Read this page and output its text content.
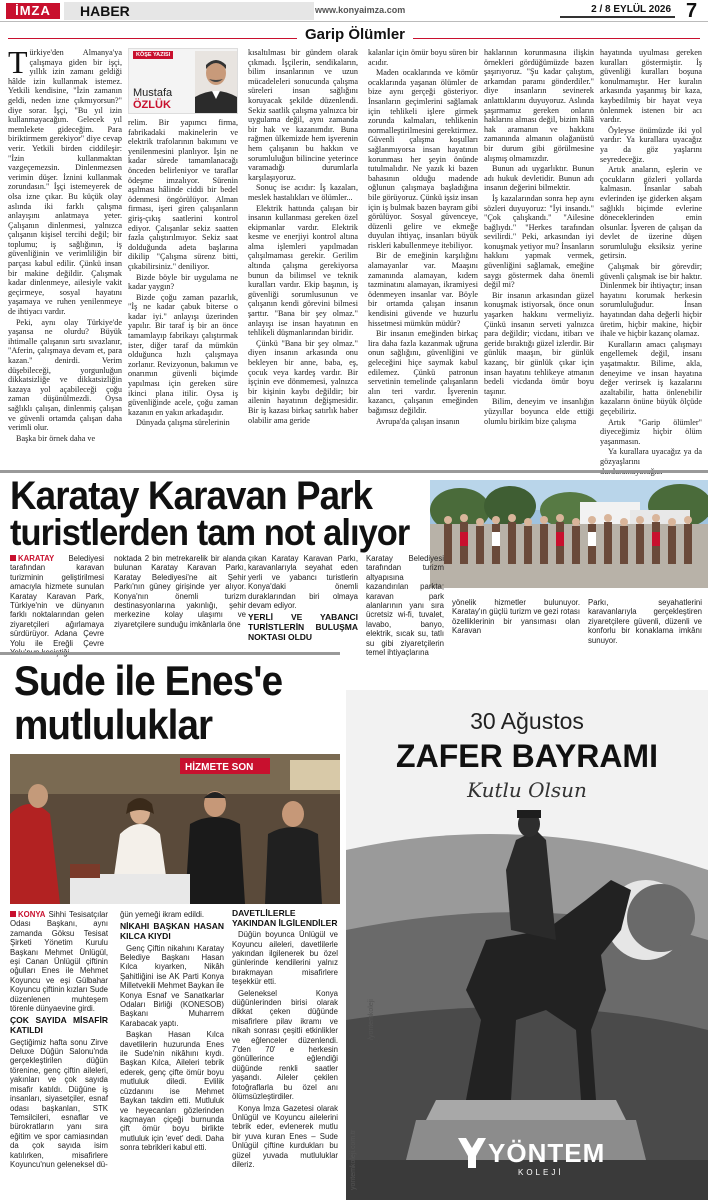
İMZA	HABER	www.konyaimza.com	2 / 8 EYLÜL 2026 7
Garip Ölümler

Türkiye'den Almanya'ya çalışmaya giden bir işçi, yıllık izin zamanı geldiği hâlde izin kullanmak istemez. Yetkili kendisine, "İzin zamanın geldi, neden izne çıkmıyorsun?" diye sorar. İşçi, "Bu yıl izin kullanmayacağım. Gelecek yıl memlekete gideceğim. Para biriktirmem gerekiyor" diye cevap verir. Yetkili birden ciddileşir: "İzin kullanmaktan vazgeçemezsin. Dinlenmezsen verimin düşer. İznini kullanmak zorundasın." İşçi istemeyerek de olsa izne çıkar. Bu küçük olay aslında iki farklı çalışma anlayışını anlatmaya yeter. Çalışanın dinlenmesi, yalnızca çalışanın kişisel tercihi değil; bir toplumu; iş sağlığının, iş güvenliğinin ve verimliliğin bir parçası kabul edilir. Çünkü insan bir makine değildir. Çalışmak kadar dinlenmeye, ailesiyle vakit geçirmeye, sosyal hayatını yaşamaya ve ruhen yenilenmeye de ihtiyacı vardır.

Peki, aynı olay Türkiye'de yaşansa ne olurdu? Büyük ihtimalle çalışanın sırtı sıvazlanır, "Aferin, çalışmaya devam et, para kazan." denirdi. Verim düşebileceği, yorgunluğun dikkatsizliğe ve dikkatsizliğin kazaya yol açabileceği çoğu zaman düşünülmezdi. Oysa sağlıklı çalışan, dinlenmiş çalışan ve güvenli ortamda çalışan daha verimli olur.

Başka bir örnek daha ve

KÖŞE YAZISI
Mustafa
ÖZLÜK

relim. Bir yapımcı firma, fabrikadaki makinelerin ve elektrik trafolarının bakımını ve yenilenmesini planlıyor. İşin ne kadar sürede tamamlanacağı önceden belirleniyor ve taraflar ödeşme imzalıyor. Sürenin aşılması hâlinde ciddi bir bedel ödenmesi öngörülüyor. Alman firması, işeri giren çalışanların giriş-çıkış saatlerini kontrol ediyor. Çalışanlar sekiz saatten fazla çalıştırılmıyor. Sekiz saat dolduğunda adeta başlarına dikilip "Çalışma sürenz bitti, çıkabilirsiniz." deniliyor.

Bizde böyle bir uygulama ne kadar yaygın?

Bizde çoğu zaman pazarlık, "İş ne kadar çabuk biterse o kadar iyi." anlayışı üzerinden yapılır. Bir taraf iş bir an önce tamamlayıp fabrikayı çalıştırmak ister, diğer taraf da mümkün olduğunca hızlı çalışmaya zorlanır. Revizyonun, bakımın ve onarımın güvenli biçimde yapılması için gereken süre ikinci plana itilir. Oysa iş güvenliğinde acele, çoğu zaman kazanın en yakın arkadaşıdır.

Dünyada çalışma sürelerinin

kısaltılması bir gündem olarak çıkmadı. İşçilerin, sendikaların, bilim insanlarının ve uzun mücadeleleri sonucunda çalışma süreleri insan sağlığını koruyacak şekilde düzenlendi. Sekiz saatlik çalışma yalnızca bir uygulama değil, aynı zamanda bir hak ve kazanımdır. Buna rağmen ülkemizde hem işverenin hem çalışanın bu hakkın ve sorumluluğun bilincine yeterince varamadığı durumlarla karşılaşıyoruz.

Sonuç ise acıdır: İş kazaları, meslek hastalıkları ve ölümler...

Elektrik hattında çalışan bir insanın kullanması gereken özel ekipmanlar vardır. Elektrik kesme ve enerjiyi kontrol altına alma işlemleri yapılmadan çalışılmaması gerekir. Gerilim altında çalışma gerekiyorsa bunun da bilimsel ve teknik kuralları vardır. Ekip başının, iş güvenliği sorumlusunun ve çalışanın kendi görevini bilmesi şarttır. "Bana bir şey olmaz." anlayışı ise insan hayatının en tehlikeli düşmanlarından biridir.

Çünkü "Bana bir şey olmaz." diyen insanın arkasında onu bekleyen bir anne, baba, eş, çocuk veya kardeş vardır. Bir işçinin eve dönmemesi, yalnızca bir kişinin kaybı değildir; bir ailenin hayatının değişmesidir. Bir iş kazası birkaç satırlık haber olabilir ama geride

kalanlar için ömür boyu süren bir acıdır.

Maden ocaklarında ve kömür ocaklarında yaşanan ölümler de bize aynı gerçeği gösteriyor. İnsanların geçimlerini sağlamak için tehlikeli işlere girmek zorunda kalmaları, tehlikenin normalleştirilmesini gerektirmez. Güvenli çalışma koşulları sağlanmıyorsa insan hayatının korunması her şeyin önünde tutulmalıdır. Ne yazık ki bazen bahasının olduğu madende oğlunun çalışmaya başladığına bile görüyoruz. Çünkü işsiz insan için iş bulmak bazen bayram gibi görülüyor. Sosyal güvenceye, düzenli gelire ve ekmeğe duyulan ihtiyaç, insanları büyük riskleri kabullenmeye itebiliyor.

Bir de emeğinin karşılığını alamayanlar var. Maaşını zamanında alamayan, kıdem tazminatını alamayan, ikramiyesi ödenmeyen insanlar var. Böyle bir ortamda çalışan insanın kendisini güvende ve huzurlu hissetmesi mümkün müdür?

Bir insanın emeğinden birkaç lira daha fazla kazanmak uğruna onun sağlığını, güvenliğini ve geleceğini hiçe saymak kabul edilemez. Çünkü patronun servetinin temelinde çalışanların alın teri vardır. İşverenin kazancı, çalışanın emeğinden bağımsız değildir.

Avrupa'da çalışan insanın

haklarının korunmasına ilişkin örnekleri gördüğümüzde bazen şaşırıyoruz. "Şu kadar çalıştım, arkamdan paramı gönderdiler." diye insanların sevinerek anlattıklarını duyuyoruz. Aslında şaşırmamız gereken onların haklarını alması değil, bizim hâlâ hak aramanın ve hakkını zamanında almanın olağanüstü bir durum gibi görülmesine alışmış olmamızdır.

Bunun adı uygarlıktır. Bunun adı hukuk devletidir. Bunun adı insanın değerini bilmektir.

İş kazalarından sonra hep aynı sözleri duyuyoruz: "İyi insandı." "Çok çalışkandı." "Ailesine bağlıydı." "Herkes tarafından sevilirdi." Peki, arkasından iyi konuşmak yetiyor mu? İnsanların hakkını yapmak vermek, güvenliğini sağlamak, emeğine saygı göstermek daha önemli değil mi?

Bir insanın arkasından güzel konuşmak istiyorsak, önce onun yaşarken hakkını vermeliyiz. Çünkü insanın serveti yalnızca para değildir; vicdanı, itibarı ve geride bıraktığı güzel izlerdir. Bir günlük maaşın, bir günlük kazanç, bir günlük çıkar için insan hayatını tehlikeye atmanın bedeli vicdanda ömür boyu taşınır.

Bilim, deneyim ve insanlığın yüzyıllar boyunca elde ettiği olumlu birikim bize çalışma

hayatında uyulması gereken kuralları göstermiştir. İş güvenliği kuralları boşuna konulmamıştır. Her kuralın arkasında yaşanmış bir kaza, kaybedilmiş bir hayat veya önlenmek istenen bir acı vardır.

Öyleyse önümüzde iki yol vardır: Ya kurallara uyacağız ya da göz yaşlarını seyredeceğiz.

Artık anaların, eşlerin ve çocukların gözleri yollarda kalmasın. İnsanlar sabah evlerinden işe giderken akşam sağlıklı biçimde evlerine döneceklerinden emin olsunlar. İşveren de çalışan da devlet de üzerine düşen sorumluluğu eksiksiz yerine getirsin.

Çalışmak bir görevdir; güvenli çalışmak ise bir haktır. Dinlenmek bir ihtiyaçtır; insan hayatını korumak herkesin sorumluluğudur. İnsan hayatından daha değerli hiçbir üretim, hiçbir makine, hiçbir ihale ve hiçbir kazanç olamaz.

Kuralların amacı çalışmayı engellemek değil, insanı yaşatmaktır. Bilime, akla, deneyime ve insan hayatına değer verirsek iş kazalarını azaltabilir, hatta önlenebilir kazaların önüne büyük ölçüde geçebiliriz.

Artık "Garip ölümler" diyeceğimiz hiçbir ölüm yaşanmasın.

Ya kurallara uyacağız ya da gözyaşlarını

Karatay Karavan Park
turistlerden tam not alıyor
KARATAY Belediyesi tarafından karavan turizminin geliştirilmesi amacıyla hizmete sunulan Karatay Karavan Park, Türkiye'nin ve dünyanın farklı noktalarından gelen ziyaretçileri ağırlamaya sürdürüyor. Adana Çevre Yolu ile Ereğli Çevre
noktada 2 bin metrekarelik bir alanda bulunan Karatay Karavan Parkı, Karatay Belediyesi'ne ait Şehir Parkı'nın güney girişinde yer alıyor. Konya'nın önemli turizm destinasyonlarına yakınlığı, şehir merkezine kolay ulaşımı ve ziyaretçilere sunduğu imkânlarla öne
çıkan Karatay Karavan Parkı, karavanlarıyla seyahat eden yerli ve yabancı turistlerin Konya'daki önemli duraklarından biri olmaya devam ediyor.
YERLİ VE YABANCI TURİSTLERİN BULUŞMA NOKTASI OLDU
Karatay Belediyesi tarafından turizm altyapısına kazandırılan parkta; karavan park alanlarının yanı sıra ücretsiz wi-fi, tuvalet, lavabo, banyo, elektrik, sıcak su, tatlı su gibi ziyaretçilerin temel ihtiyaçlarına
yönelik hizmetler bulunuyor. Karatay'ın güçlü turizm ve gezi rotası özelliklerinin bir yansıması olan Karavan
Parkı, seyahatlerini karavanlarıyla gerçekleştiren ziyaretçilere güvenli, düzenli ve konforlu bir konaklama imkânı sunuyor.
Sude ile Enes'e
mutluluklar
HİZMETE SON
KONYA Sihhi Tesisatçılar Odası Başkanı, aynı zamanda Göksu Tesisat Şirketi Yönetim Kurulu Başkanı Mehmet Ünlügül, eşi Canan Ünlügül çiftinin oğulları Enes ile Mehmet Koyuncu ve eşi Gülbahar Koyuncu çiftinin kızları Sude düzenlenen muhteşem törenle dünyaevine girdi.
ÇOK SAYIDA MİSAFİR KATILDI
Geçtiğimiz hafta sonu Zirve Deluxe Düğün Salonu'nda gerçekleştirilen düğün törenine, genç çiftin aileleri, yakınları ve çok sayıda misafir katıldı. Düğüne iş insanları, siyasetçiler, esnaf odası başkanları, STK Temsilcileri, esnaflar ve bürokratların yanı sıra eğitim ve spor camiasından da çok sayıda isim katılırken, misafirlere Koyuncu'nun geleneksel dü-
ğün yemeği ikram edildi.
NİKAHI BAŞKAN HASAN KILCA KIYDI

Genç Çiftin nikahını Karatay Belediye Başkanı Hasan Kılca kıyarken, Nikâh Şahitliğini ise AK Parti Konya Milletvekili Mehmet Baykan ile Konya Esnaf ve Sanatkarlar Odaları Birliği (KONESOB) Başkanı Muharrem Karabacak yaptı.

Başkan Hasan Kılca davetlilerin huzurunda Enes ile Sude'nin nikâhını kıydı. Başkan Kılca, Aileleri tebrik ederek, genç çifte ömür boyu mutluluk diledi. Evlilik cüzdanını ise Mehmet Baykan takdim etti. Mutluluk ve heyecanları gözlerinden kaçmayan çiçeği burnunda çift ömür boyu birlikte mutluluk için 'evet' dedi. Daha sonra tebrikleri kabul etti.

DAVETLİLERLE YAKINDAN İLGİLENDİLER

Düğün boyunca Ünlügül ve Koyuncu aileleri, davetlilerle yakından ilgilenerek bu özel günlerinde kendilerini yalnız bırakmayan misafirlere teşekkür etti.

Geleneksel Konya düğünlerinden birisi olarak dikkat çeken düğünde misafirlere pilav ikramı ve nikah sonrası çeşitli etkinlikler ve eğlenceler düzenlendi. 7'den 70' e herkesin gönüllerince eğlendiği düğünde renkli saatler yaşandı. Aileler çekilen fotoğraflarla bu özel anı ölümsüzleştirdiler.

Konya İmza Gazetesi olarak Ünlügül ve Koyuncu ailelerini tebrik eder, evlenerek mutlu bir yuva kuran Enes – Sude Ünlügül çiftine kurdukları bu güzel yuvada mutluluklar dileriz.

30 Ağustos
ZAFER BAYRAMI
Kutlu Olsun
YÖNTEM
KOLEJİ
yontemkoleji.com.tr
/yontemkoleji
